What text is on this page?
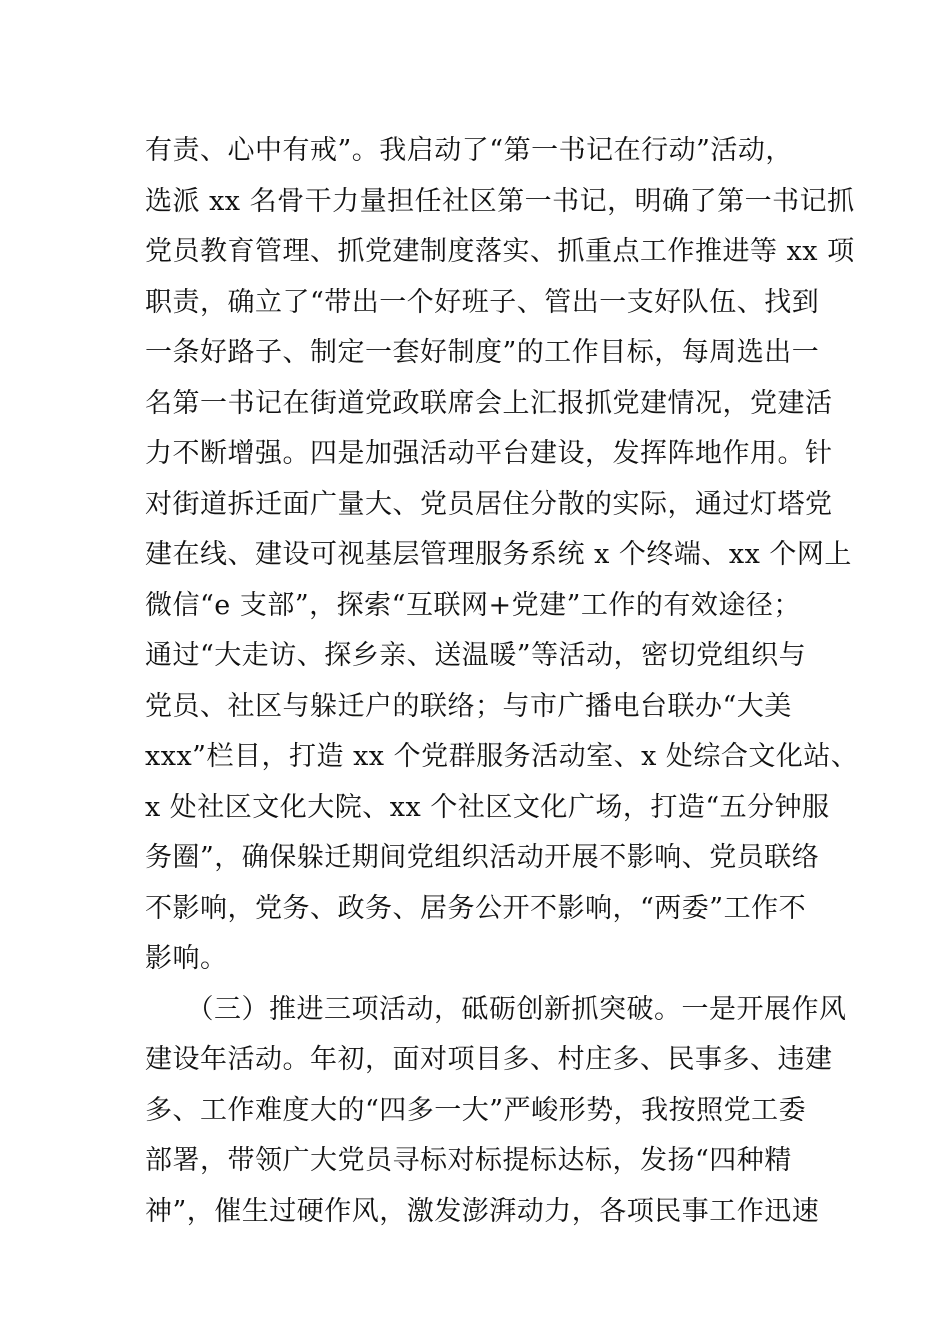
有责、心中有戒”。我启动了“第一书记在行动”活动，
选派 xx 名骨干力量担任社区第一书记，明确了第一书记抓
党员教育管理、抓党建制度落实、抓重点工作推进等 xx 项
职责，确立了“带出一个好班子、管出一支好队伍、找到
一条好路子、制定一套好制度”的工作目标，每周选出一
名第一书记在街道党政联席会上汇报抓党建情况，党建活
力不断增强。四是加强活动平台建设，发挥阵地作用。针
对街道拆迁面广量大、党员居住分散的实际，通过灯塔党
建在线、建设可视基层管理服务系统 x 个终端、xx 个网上
微信“e 支部”，探索“互联网+党建”工作的有效途径；
通过“大走访、探乡亲、送温暖”等活动，密切党组织与
党员、社区与躲迁户的联络；与市广播电台联办“大美
xxx”栏目，打造 xx 个党群服务活动室、x 处综合文化站、
x 处社区文化大院、xx 个社区文化广场，打造“五分钟服
务圈”，确保躲迁期间党组织活动开展不影响、党员联络
不影响，党务、政务、居务公开不影响，“两委”工作不
影响。
　　（三）推进三项活动，砥砺创新抓突破。一是开展作风
建设年活动。年初，面对项目多、村庄多、民事多、违建
多、工作难度大的“四多一大”严峻形势，我按照党工委
部署，带领广大党员寻标对标提标达标，发扬“四种精
神”，催生过硬作风，激发澎湃动力，各项民事工作迅速
